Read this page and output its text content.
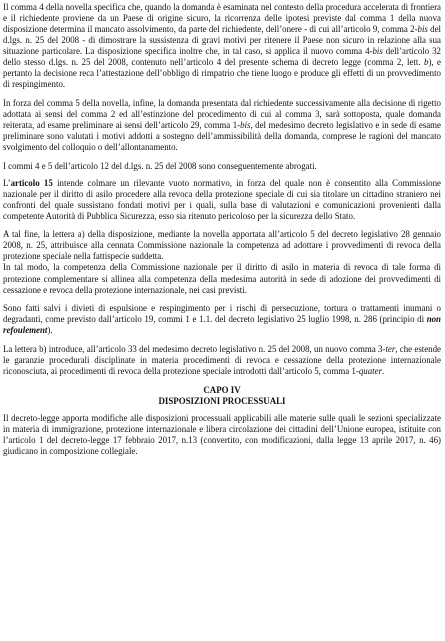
Il comma 4 della novella specifica che, quando la domanda è esaminata nel contesto della procedura accelerata di frontiera e il richiedente proviene da un Paese di origine sicuro, la ricorrenza delle ipotesi previste dal comma 1 della nuova disposizione determina il mancato assolvimento, da parte del richiedente, dell’onere - di cui all’articolo 9, comma 2-bis del d.lgs. n. 25 del 2008 - di dimostrare la sussistenza di gravi motivi per ritenere il Paese non sicuro in relazione alla sua situazione particolare. La disposizione specifica inoltre che, in tal caso, si applica il nuovo comma 4-bis dell’articolo 32 dello stesso d.lgs. n. 25 del 2008, contenuto nell’articolo 4 del presente schema di decreto legge (comma 2, lett. b), e pertanto la decisione reca l’attestazione dell’obbligo di rimpatrio che tiene luogo e produce gli effetti di un provvedimento di respingimento.

In forza del comma 5 della novella, infine, la domanda presentata dal richiedente successivamente alla decisione di rigetto adottata ai sensi del comma 2 ed all’estinzione del procedimento di cui al comma 3, sarà sottoposta, quale domanda reiterata, ad esame preliminare ai sensi dell’articolo 29, comma 1-bis, del medesimo decreto legislativo e in sede di esame preliminare sono valutati i motivi addotti a sostegno dell’ammissibilità della domanda, comprese le ragioni del mancato svolgimento del colloquio o dell’allontanamento.

I commi 4 e 5 dell’articolo 12 del d.lgs. n. 25 del 2008 sono conseguentemente abrogati.

L’articolo 15 intende colmare un rilevante vuoto normativo, in forza del quale non è consentito alla Commissione nazionale per il diritto di asilo procedere alla revoca della protezione speciale di cui sia titolare un cittadino straniero nei confronti del quale sussistano fondati motivi per i quali, sulla base di valutazioni e comunicazioni provenienti dalla competente Autorità di Pubblica Sicurezza, esso sia ritenuto pericoloso per la sicurezza dello Stato.

A tal fine, la lettera a) della disposizione, mediante la novella apportata all’articolo 5 del decreto legislativo 28 gennaio 2008, n. 25, attribuisce alla cennata Commissione nazionale la competenza ad adottare i provvedimenti di revoca della protezione speciale nella fattispecie suddetta.
In tal modo, la competenza della Commissione nazionale per il diritto di asilo in materia di revoca di tale forma di protezione complementare si allinea alla competenza della medesima autorità in sede di adozione dei provvedimenti di cessazione e revoca della protezione internazionale, nei casi previsti.

Sono fatti salvi i divieti di espulsione e respingimento per i rischi di persecuzione, tortura o trattamenti inumani o degradanti, come previsto dall’articolo 19, commi 1 e 1.1. del decreto legislativo 25 luglio 1998, n. 286 (principio di non refoulement).

La lettera b) introduce, all’articolo 33 del medesimo decreto legislativo n. 25 del 2008, un nuovo comma 3-ter, che estende le garanzie procedurali disciplinate in materia procedimenti di revoca e cessazione della protezione internazionale riconosciuta, ai procedimenti di revoca della protezione speciale introdotti dall’articolo 5, comma 1-quater.

CAPO IV
DISPOSIZIONI PROCESSUALI

Il decreto-legge apporta modifiche alle disposizioni processuali applicabili alle materie sulle quali le sezioni specializzate in materia di immigrazione, protezione internazionale e libera circolazione dei cittadini dell’Unione europea, istituite con l’articolo 1 del decreto-legge 17 febbraio 2017, n.13 (convertito, con modificazioni, dalla legge 13 aprile 2017, n. 46) giudicano in composizione collegiale.
